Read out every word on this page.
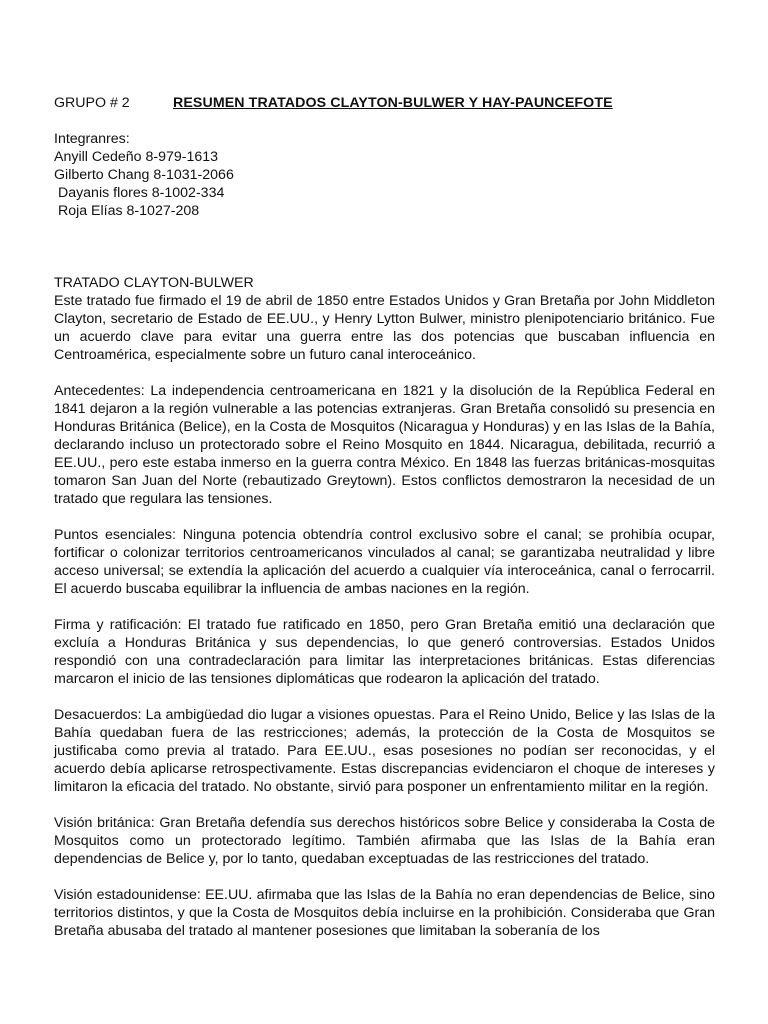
GRUPO # 2	RESUMEN TRATADOS CLAYTON-BULWER Y HAY-PAUNCEFOTE
Integranres:
Anyill Cedeño 8-979-1613
Gilberto Chang 8-1031-2066
Dayanis flores 8-1002-334
Roja Elías 8-1027-208
TRATADO CLAYTON-BULWER

Este tratado fue firmado el 19 de abril de 1850 entre Estados Unidos y Gran Bretaña por John Middleton Clayton, secretario de Estado de EE.UU., y Henry Lytton Bulwer, ministro plenipotenciario británico. Fue un acuerdo clave para evitar una guerra entre las dos potencias que buscaban influencia en Centroamérica, especialmente sobre un futuro canal interoceánico.

Antecedentes: La independencia centroamericana en 1821 y la disolución de la República Federal en 1841 dejaron a la región vulnerable a las potencias extranjeras. Gran Bretaña consolidó su presencia en Honduras Británica (Belice), en la Costa de Mosquitos (Nicaragua y Honduras) y en las Islas de la Bahía, declarando incluso un protectorado sobre el Reino Mosquito en 1844. Nicaragua, debilitada, recurrió a EE.UU., pero este estaba inmerso en la guerra contra México. En 1848 las fuerzas británicas-mosquitas tomaron San Juan del Norte (rebautizado Greytown). Estos conflictos demostraron la necesidad de un tratado que regulara las tensiones.

Puntos esenciales: Ninguna potencia obtendría control exclusivo sobre el canal; se prohibía ocupar, fortificar o colonizar territorios centroamericanos vinculados al canal; se garantizaba neutralidad y libre acceso universal; se extendía la aplicación del acuerdo a cualquier vía interoceánica, canal o ferrocarril. El acuerdo buscaba equilibrar la influencia de ambas naciones en la región.

Firma y ratificación: El tratado fue ratificado en 1850, pero Gran Bretaña emitió una declaración que excluía a Honduras Británica y sus dependencias, lo que generó controversias. Estados Unidos respondió con una contradeclaración para limitar las interpretaciones británicas. Estas diferencias marcaron el inicio de las tensiones diplomáticas que rodearon la aplicación del tratado.

Desacuerdos: La ambigüedad dio lugar a visiones opuestas. Para el Reino Unido, Belice y las Islas de la Bahía quedaban fuera de las restricciones; además, la protección de la Costa de Mosquitos se justificaba como previa al tratado. Para EE.UU., esas posesiones no podían ser reconocidas, y el acuerdo debía aplicarse retrospectivamente. Estas discrepancias evidenciaron el choque de intereses y limitaron la eficacia del tratado. No obstante, sirvió para posponer un enfrentamiento militar en la región.

Visión británica: Gran Bretaña defendía sus derechos históricos sobre Belice y consideraba la Costa de Mosquitos como un protectorado legítimo. También afirmaba que las Islas de la Bahía eran dependencias de Belice y, por lo tanto, quedaban exceptuadas de las restricciones del tratado.

Visión estadounidense: EE.UU. afirmaba que las Islas de la Bahía no eran dependencias de Belice, sino territorios distintos, y que la Costa de Mosquitos debía incluirse en la prohibición. Consideraba que Gran Bretaña abusaba del tratado al mantener posesiones que limitaban la soberanía de los
